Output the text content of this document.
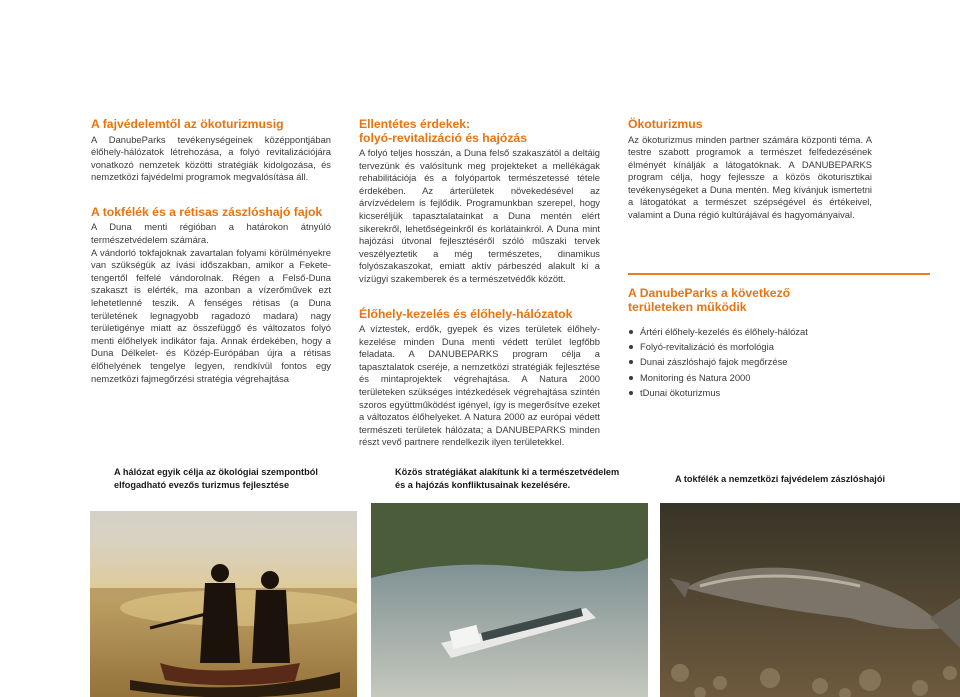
A fajvédelemtől az ökoturizmusig

A DanubeParks tevékenységeinek középpontjában élőhely-hálózatok létrehozása, a folyó revitalizációjára vonatkozó nemzetek közötti stratégiák kidolgozása, és nemzetközi fajvédelmi programok megvalósítása áll.

A tokfélék és a rétisas zászlóshajó fajok

A Duna menti régióban a határokon átnyúló természetvédelem számára.

A vándorló tokfajoknak zavartalan folyami körülményekre van szükségük az ívási időszakban, amikor a Fekete-tengertől felfelé vándorolnak. Régen a Felső-Duna szakaszt is elérték, ma azonban a vízerőművek ezt lehetetlenné teszik. A fenséges rétisas (a Duna területének legnagyobb ragadozó madara) nagy területigénye miatt az összefüggő és változatos folyó menti élőhelyek indikátor faja. Annak érdekében, hogy a Duna Délkelet- és Közép-Európában újra a rétisas élőhelyének tengelye legyen, rendkívül fontos egy nemzetközi fajmegőrzési stratégia végrehajtása

Ellentétes érdekek:
folyó-revitalizáció és hajózás

A folyó teljes hosszán, a Duna felső szakaszától a deltáig tervezünk és valósítunk meg projekteket a mellékágak rehabilitációja és a folyópartok természetessé tétele érdekében. Az árterületek növekedésével az árvízvédelem is fejlődik. Programunkban szerepel, hogy kicseréljük tapasztalatainkat a Duna mentén elért sikerekről, lehetőségeinkről és korlátainkról. A Duna mint hajózási útvonal fejlesztéséről szóló műszaki tervek veszélyeztetik a még természetes, dinamikus folyószakaszokat, emiatt aktív párbeszéd alakult ki a vízügyi szakemberek és a természetvédők között.

Élőhely-kezelés és élőhely-hálózatok

A víztestek, erdők, gyepek és vizes területek élőhely-kezelése minden Duna menti védett terület legfőbb feladata. A DANUBEPARKS program célja a tapasztalatok cseréje, a nemzetközi stratégiák fejlesztése és mintaprojektek végrehajtása. A Natura 2000 területeken szükséges intézkedések végrehajtása szintén szoros együttműködést igényel, így is megerősítve ezeket a változatos élőhelyeket. A Natura 2000 az európai védett természeti területek hálózata; a DANUBEPARKS minden részt vevő partnere rendelkezik ilyen területekkel.

Ökoturizmus

Az ökoturizmus minden partner számára központi téma. A testre szabott programok a természet felfedezésének élményét kínálják a látogatóknak. A DANUBEPARKS program célja, hogy fejlessze a közös ökoturisztikai tevékenységeket a Duna mentén. Meg kívánjuk ismertetni a látogatókat a természet szépségével és értékeivel, valamint a Duna régió kultúrájával és hagyományaival.

A DanubeParks a következő
területeken működik
Ártéri élőhely-kezelés és élőhely-hálózat
Folyó-revitalizáció és morfológia
Dunai zászlóshajó fajok megőrzése
Monitoring és Natura 2000
tDunai ökoturizmus
A hálózat egyik célja az ökológiai szempontból
elfogadható evezős turizmus fejlesztése
Közös stratégiákat alakítunk ki a természetvédelem
és a hajózás konfliktusainak kezelésére.
A tokfélék a nemzetközi fajvédelem zászlóshajói
